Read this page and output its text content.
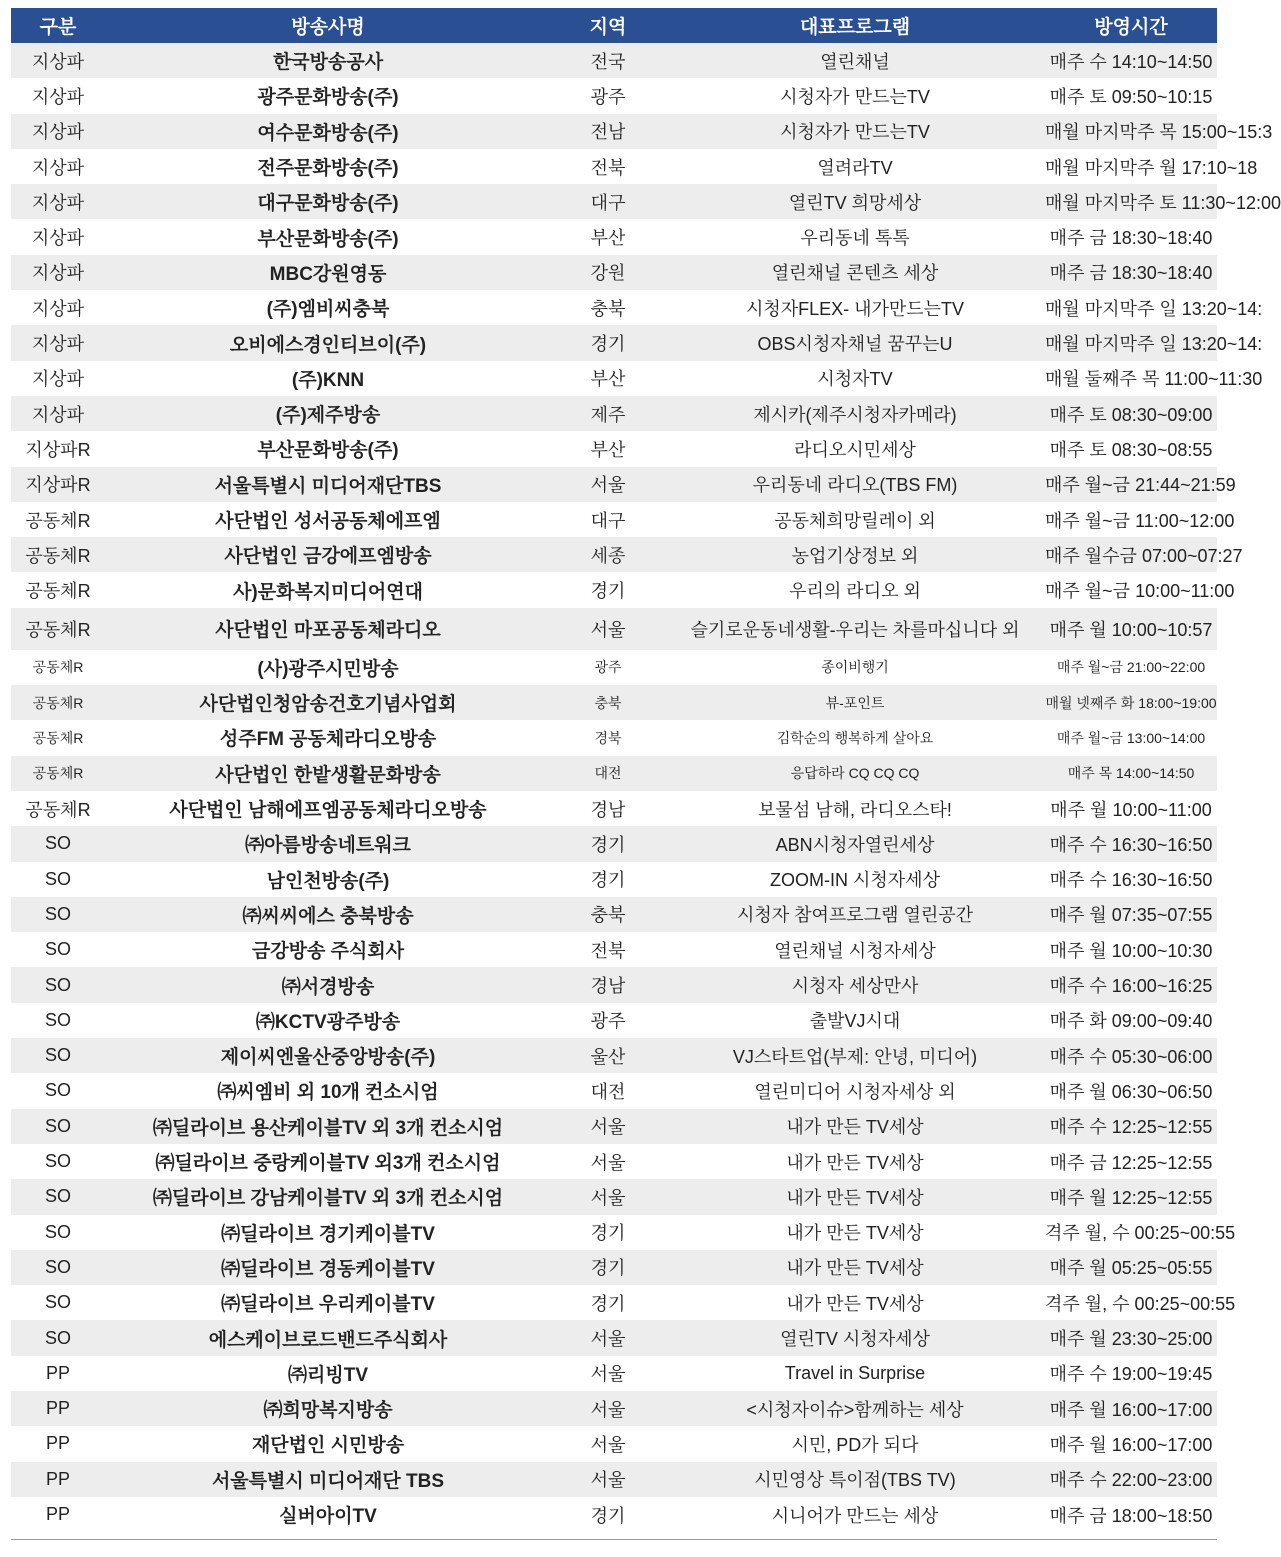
구분	방송사명	지역	대표프로그램	방영시간
지상파	한국방송공사	전국	열린채널	매주 수 14:10~14:50
지상파	광주문화방송(주)	광주	시청자가 만드는TV	매주 토 09:50~10:15
지상파	여수문화방송(주)	전남	시청자가 만드는TV	매월 마지막주 목 15:00~15:3
지상파	전주문화방송(주)	전북	열려라TV	매월 마지막주 월 17:10~18
지상파	대구문화방송(주)	대구	열린TV 희망세상	매월 마지막주 토 11:30~12:00
지상파	부산문화방송(주)	부산	우리동네 톡톡	매주 금 18:30~18:40
지상파	MBC강원영동	강원	열린채널 콘텐츠 세상	매주 금 18:30~18:40
지상파	(주)엠비씨충북	충북	시청자FLEX- 내가만드는TV	매월 마지막주 일 13:20~14:
지상파	오비에스경인티브이(주)	경기	OBS시청자채널 꿈꾸는U	매월 마지막주 일 13:20~14:
지상파	(주)KNN	부산	시청자TV	매월 둘째주 목 11:00~11:30
지상파	(주)제주방송	제주	제시카(제주시청자카메라)	매주 토 08:30~09:00
지상파R	부산문화방송(주)	부산	라디오시민세상	매주 토 08:30~08:55
지상파R	서울특별시 미디어재단TBS	서울	우리동네 라디오(TBS FM)	매주 월~금 21:44~21:59
공동체R	사단법인 성서공동체에프엠	대구	공동체희망릴레이 외	매주 월~금 11:00~12:00
공동체R	사단법인 금강에프엠방송	세종	농업기상정보 외	매주 월수금 07:00~07:27
공동체R	사)문화복지미디어연대	경기	우리의 라디오 외	매주 월~금 10:00~11:00
공동체R	사단법인 마포공동체라디오	서울	슬기로운동네생활-우리는 차를마십니다 외	매주 월 10:00~10:57
공동체R	(사)광주시민방송	광주	종이비행기	매주 월~금 21:00~22:00
공동체R	사단법인청암송건호기념사업회	충북	뷰-포인트	매월 넷째주 화 18:00~19:00
공동체R	성주FM 공동체라디오방송	경북	김학순의 행복하게 살아요	매주 월~금 13:00~14:00
공동체R	사단법인 한밭생활문화방송	대전	응답하라 CQ CQ CQ	매주 목 14:00~14:50
공동체R	사단법인 남해에프엠공동체라디오방송	경남	보물섬 남해, 라디오스타!	매주 월 10:00~11:00
SO	㈜아름방송네트워크	경기	ABN시청자열린세상	매주 수 16:30~16:50
SO	남인천방송(주)	경기	ZOOM-IN 시청자세상	매주 수 16:30~16:50
SO	㈜씨씨에스 충북방송	충북	시청자 참여프로그램 열린공간	매주 월 07:35~07:55
SO	금강방송 주식회사	전북	열린채널 시청자세상	매주 월 10:00~10:30
SO	㈜서경방송	경남	시청자 세상만사	매주 수 16:00~16:25
SO	㈜KCTV광주방송	광주	출발VJ시대	매주 화 09:00~09:40
SO	제이씨엔울산중앙방송(주)	울산	VJ스타트업(부제: 안녕, 미디어)	매주 수 05:30~06:00
SO	㈜씨엠비 외 10개 컨소시엄	대전	열린미디어 시청자세상 외	매주 월 06:30~06:50
SO	㈜딜라이브 용산케이블TV 외 3개 컨소시엄	서울	내가 만든 TV세상	매주 수 12:25~12:55
SO	㈜딜라이브 중랑케이블TV 외3개 컨소시엄	서울	내가 만든 TV세상	매주 금 12:25~12:55
SO	㈜딜라이브 강남케이블TV 외 3개 컨소시엄	서울	내가 만든 TV세상	매주 월 12:25~12:55
SO	㈜딜라이브 경기케이블TV	경기	내가 만든 TV세상	격주 월, 수 00:25~00:55
SO	㈜딜라이브 경동케이블TV	경기	내가 만든 TV세상	매주 월 05:25~05:55
SO	㈜딜라이브 우리케이블TV	경기	내가 만든 TV세상	격주 월, 수 00:25~00:55
SO	에스케이브로드밴드주식회사	서울	열린TV 시청자세상	매주 월 23:30~25:00
PP	㈜리빙TV	서울	Travel in Surprise	매주 수 19:00~19:45
PP	㈜희망복지방송	서울	<시청자이슈>함께하는 세상	매주 월 16:00~17:00
PP	재단법인 시민방송	서울	시민, PD가 되다	매주 월 16:00~17:00
PP	서울특별시 미디어재단 TBS	서울	시민영상 특이점(TBS TV)	매주 수 22:00~23:00
PP	실버아이TV	경기	시니어가 만드는 세상	매주 금 18:00~18:50
